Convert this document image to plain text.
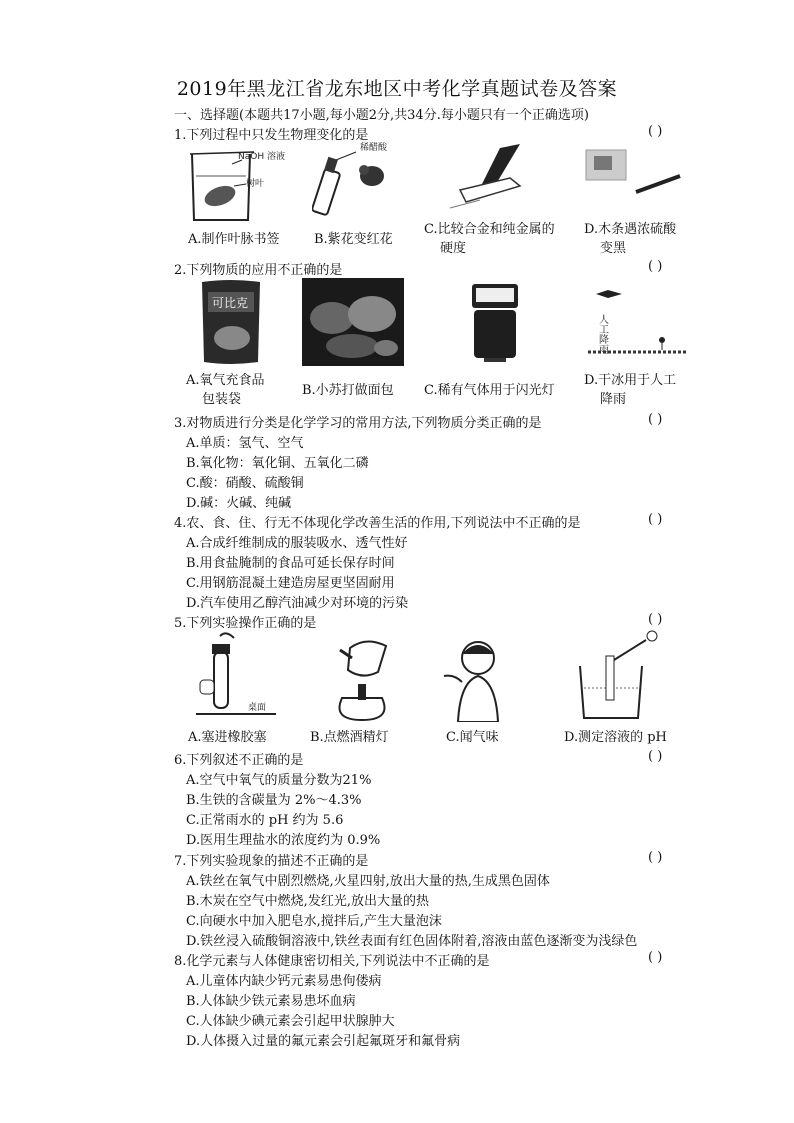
2019年黑龙江省龙东地区中考化学真题试卷及答案
一、选择题(本题共17小题,每小题2分,共34分.每小题只有一个正确选项)
1.下列过程中只发生物理变化的是	( )
NaOH 溶液
树叶
稀醋酸
A.制作叶脉书签	B.紫花变红花
C.比较合金和纯金属的
硬度
D.木条遇浓硫酸
变黑
2.下列物质的应用不正确的是	( )
可比克
人工降雨
A.氧气充食品
包装袋
B.小苏打做面包 C.稀有气体用于闪光灯
D.干冰用于人工
降雨
3.对物质进行分类是化学学习的常用方法,下列物质分类正确的是	( )
A.单质：氢气、空气
B.氧化物：氧化铜、五氧化二磷
C.酸：硝酸、硫酸铜
D.碱：火碱、纯碱
4.农、食、住、行无不体现化学改善生活的作用,下列说法中不正确的是	( )
A.合成纤维制成的服装吸水、透气性好
B.用食盐腌制的食品可延长保存时间
C.用钢筋混凝土建造房屋更坚固耐用
D.汽车使用乙醇汽油减少对环境的污染
5.下列实验操作正确的是	( )
桌面
A.塞进橡胶塞	B.点燃酒精灯	C.闻气味	D.测定溶液的 pH
6.下列叙述不正确的是	( )
A.空气中氧气的质量分数为21%
B.生铁的含碳量为 2%～4.3%
C.正常雨水的 pH 约为 5.6
D.医用生理盐水的浓度约为 0.9%
7.下列实验现象的描述不正确的是	( )
A.铁丝在氧气中剧烈燃烧,火星四射,放出大量的热,生成黑色固体
B.木炭在空气中燃烧,发红光,放出大量的热
C.向硬水中加入肥皂水,搅拌后,产生大量泡沫
D.铁丝浸入硫酸铜溶液中,铁丝表面有红色固体附着,溶液由蓝色逐渐变为浅绿色
8.化学元素与人体健康密切相关,下列说法中不正确的是	( )
A.儿童体内缺少钙元素易患佝偻病
B.人体缺少铁元素易患坏血病
C.人体缺少碘元素会引起甲状腺肿大
D.人体摄入过量的氟元素会引起氟斑牙和氟骨病
